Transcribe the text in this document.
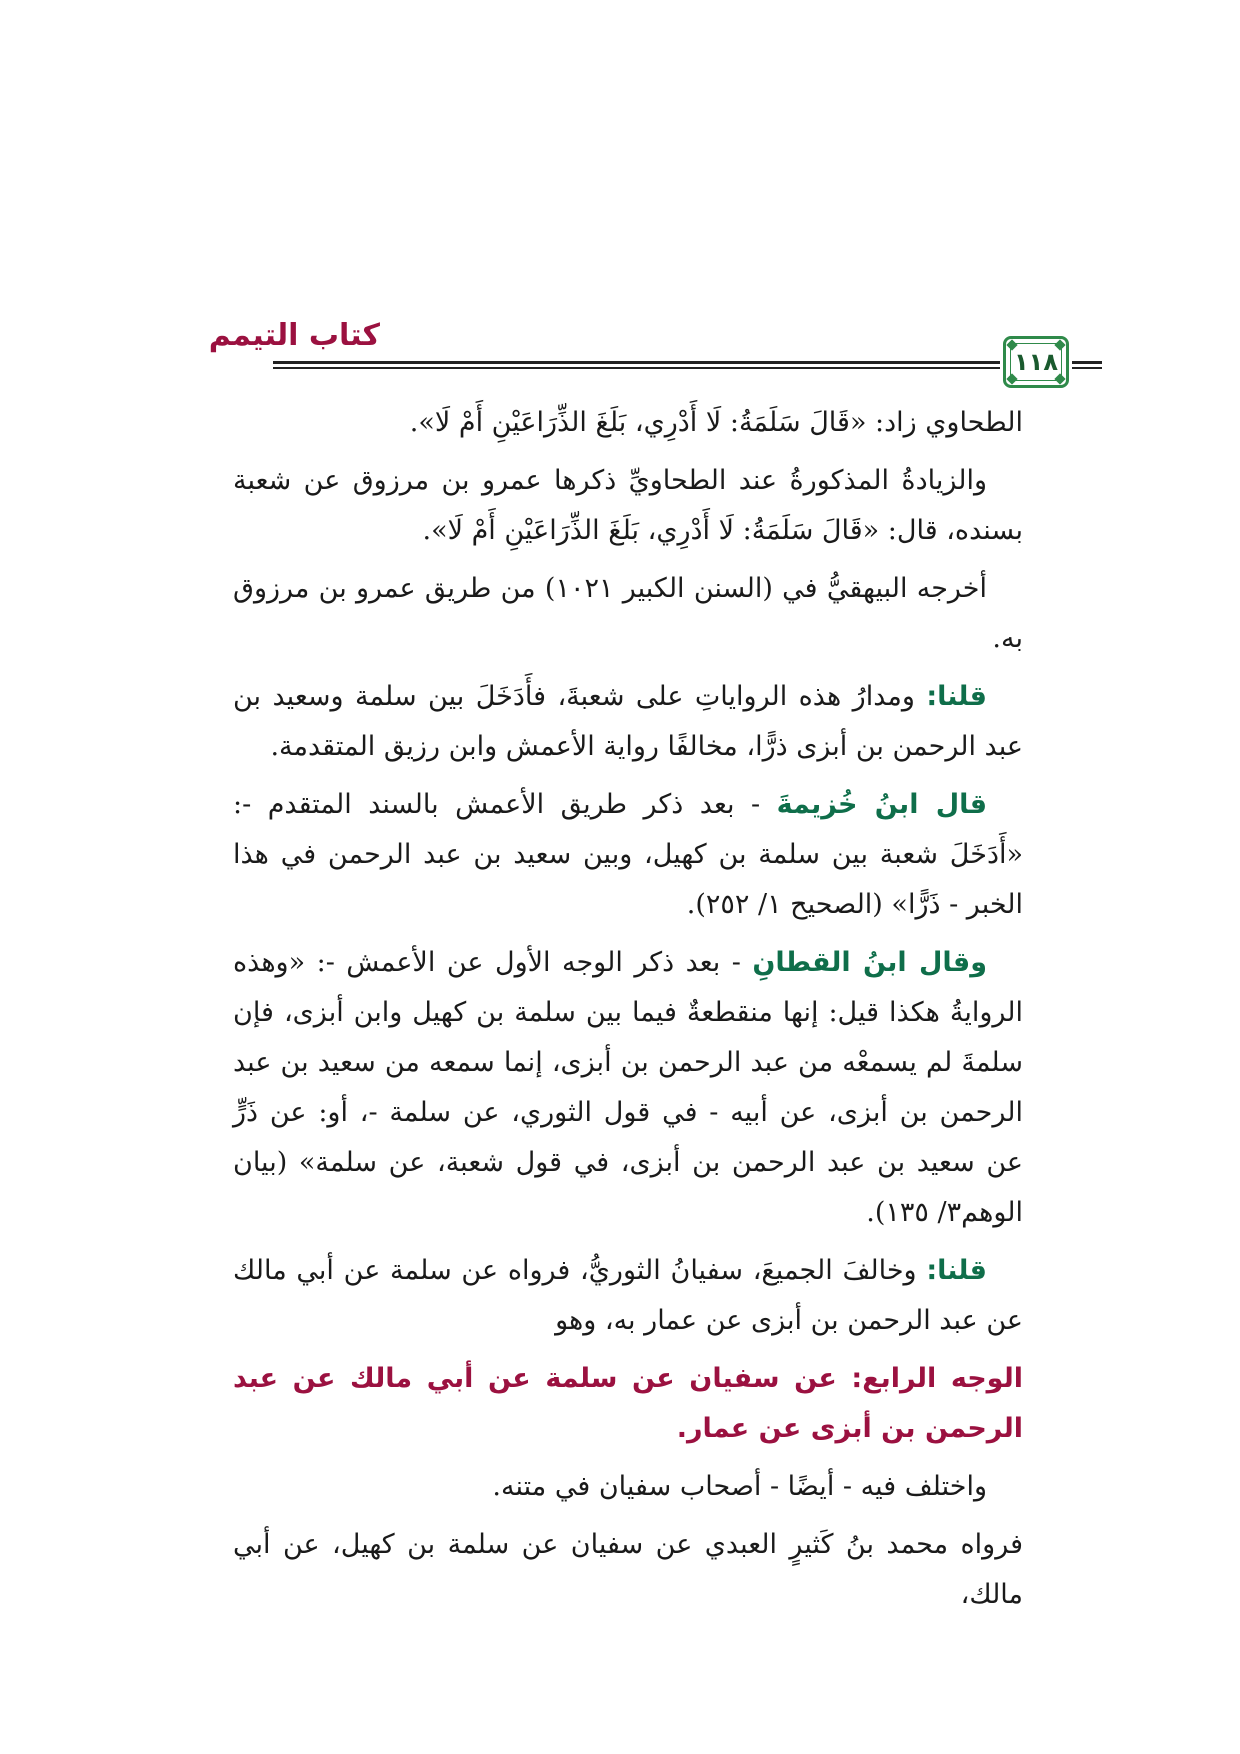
كتاب التيمم
١١٨

الطحاوي زاد: «قَالَ سَلَمَةُ: لَا أَدْرِي، بَلَغَ الذِّرَاعَيْنِ أَمْ لَا».

والزيادةُ المذكورةُ عند الطحاويِّ ذكرها عمرو بن مرزوق عن شعبة بسنده، قال: «قَالَ سَلَمَةُ: لَا أَدْرِي، بَلَغَ الذِّرَاعَيْنِ أَمْ لَا».

أخرجه البيهقيُّ في (السنن الكبير ١٠٢١) من طريق عمرو بن مرزوق به.

قلنا: ومدارُ هذه الرواياتِ على شعبةَ، فأَدَخَلَ بين سلمة وسعيد بن عبد الرحمن بن أبزى ذرًّا، مخالفًا رواية الأعمش وابن رزيق المتقدمة.

قال ابنُ خُزيمةَ - بعد ذكر طريق الأعمش بالسند المتقدم -: «أَدَخَلَ شعبة بين سلمة بن كهيل، وبين سعيد بن عبد الرحمن في هذا الخبر - ذَرًّا» (الصحيح ١/ ٢٥٢).

وقال ابنُ القطانِ - بعد ذكر الوجه الأول عن الأعمش -: «وهذه الروايةُ هكذا قيل: إنها منقطعةٌ فيما بين سلمة بن كهيل وابن أبزى، فإن سلمةَ لم يسمعْه من عبد الرحمن بن أبزى، إنما سمعه من سعيد بن عبد الرحمن بن أبزى، عن أبيه - في قول الثوري، عن سلمة -، أو: عن ذَرٍّ عن سعيد بن عبد الرحمن بن أبزى، في قول شعبة، عن سلمة» (بيان الوهم٣/ ١٣٥).

قلنا: وخالفَ الجميعَ، سفيانُ الثوريُّ، فرواه عن سلمة عن أبي مالك عن عبد الرحمن بن أبزى عن عمار به، وهو

الوجه الرابع: عن سفيان عن سلمة عن أبي مالك عن عبد الرحمن بن أبزى عن عمار.

واختلف فيه - أيضًا - أصحاب سفيان في متنه.

فرواه محمد بنُ كَثيرٍ العبدي عن سفيان عن سلمة بن كهيل، عن أبي مالك،
